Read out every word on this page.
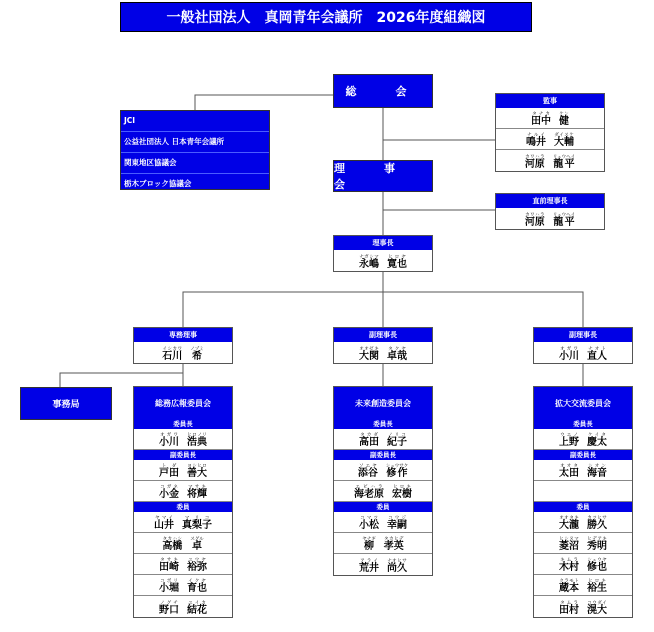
一般社団法人　真岡青年会議所　2026年度組織図
総　会
理　事　会
JCI
公益社団法人 日本青年会議所
関東地区協議会
栃木ブロック協議会
事務局
監事
田中タナカ
健ケン
鳴井ナルイ
大輔ダイスケ
河原カワハラ
龍平リュウヘイ
直前理事長
河原カワハラ
龍平リュウヘイ
理事長
永嶋ナガシマ
寛也ヒロヤ
専務理事
石川イシカワ
希ノゾミ
副理事長
大関オオゼキ
卓哉タクヤ
副理事長
小川オガワ
直人ナオト
総務広報委員会
委員長
小川オガワ
浩典ヒロノリ
副委員長
戸田トダ
善大ヨシヒロ
小金コガネ
将輝マサキ
委員
山井ヤマイ
真梨子マリコ
高橋タカハシ
卓スグル
田崎タサキ
裕弥ユウヤ
小堀コボリ
育也イクヤ
野口ノグチ
結花ユイカ
未来創造委員会
委員長
高田タカダ
紀子ノリコ
副委員長
添谷ソエヤ
修作シュウサク
海老原エビハラ
宏樹ヒロキ
委員
小松コマツ
幸嗣コウジ
柳ヤナギ
孝英タカヒデ
荒井アライ
尚久ナオヒサ
拡大交流委員会
委員長
上野ウエノ
慶太ケイタ
副委員長
太田オオタ
海音シオン
委員
大瀧オオタキ
勝久カツヒサ
菱沼ヒシヌマ
秀明ヒデアキ
木村キムラ
修也シュウヤ
蔵本クラモト
裕生ヒロキ
田村タムラ
滉大コウダイ
